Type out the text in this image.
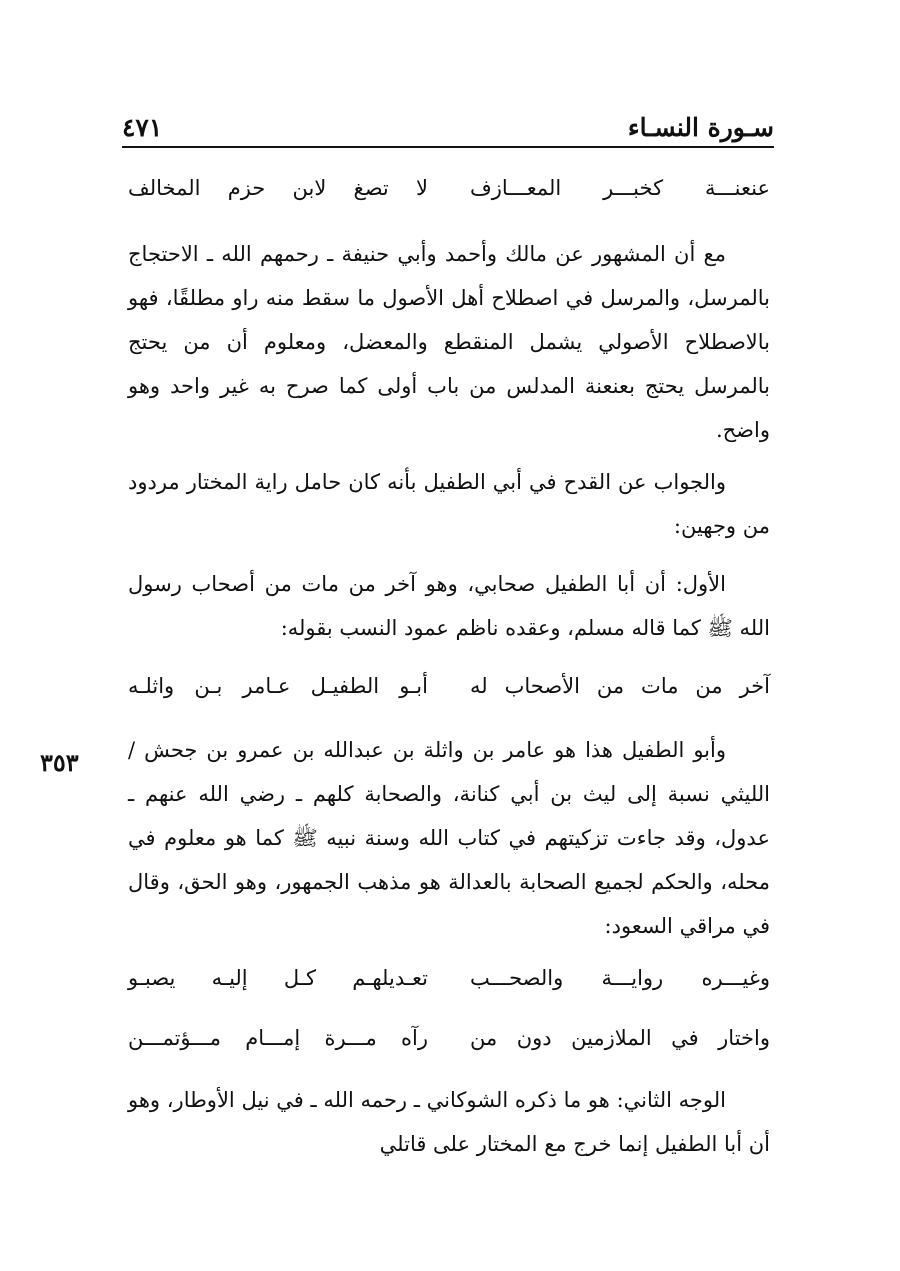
سـورة النسـاء
٤٧١
عنعنـــة كخبـــر المعـــازف
لا تصغ لابن حزم المخالف
مع أن المشهور عن مالك وأحمد وأبي حنيفة ـ رحمهم الله ـ الاحتجاج بالمرسل، والمرسل في اصطلاح أهل الأصول ما سقط منه راو مطلقًا، فهو بالاصطلاح الأصولي يشمل المنقطع والمعضل، ومعلوم أن من يحتج بالمرسل يحتج بعنعنة المدلس من باب أولى كما صرح به غير واحد وهو واضح.
والجواب عن القدح في أبي الطفيل بأنه كان حامل راية المختار مردود من وجهين:
الأول: أن أبا الطفيل صحابي، وهو آخر من مات من أصحاب رسول الله ﷺ كما قاله مسلم، وعقده ناظم عمود النسب بقوله:
آخر من مات من الأصحاب له
أبـو الطفيـل عـامر بـن واثلـه
٣٥٣ وأبو الطفيل هذا هو عامر بن واثلة بن عبدالله بن عمرو بن جحش / الليثي نسبة إلى ليث بن أبي كنانة، والصحابة كلهم ـ رضي الله عنهم ـ عدول، وقد جاءت تزكيتهم في كتاب الله وسنة نبيه ﷺ كما هو معلوم في محله، والحكم لجميع الصحابة بالعدالة هو مذهب الجمهور، وهو الحق، وقال في مراقي السعود:
وغيـــره روايـــة والصحـــب
تعـديلهـم كـل إليـه يصبـو
واختار في الملازمين دون من
رآه مـــرة إمـــام مـــؤتمـــن
الوجه الثاني: هو ما ذكره الشوكاني ـ رحمه الله ـ في نيل الأوطار، وهو أن أبا الطفيل إنما خرج مع المختار على قاتلي
